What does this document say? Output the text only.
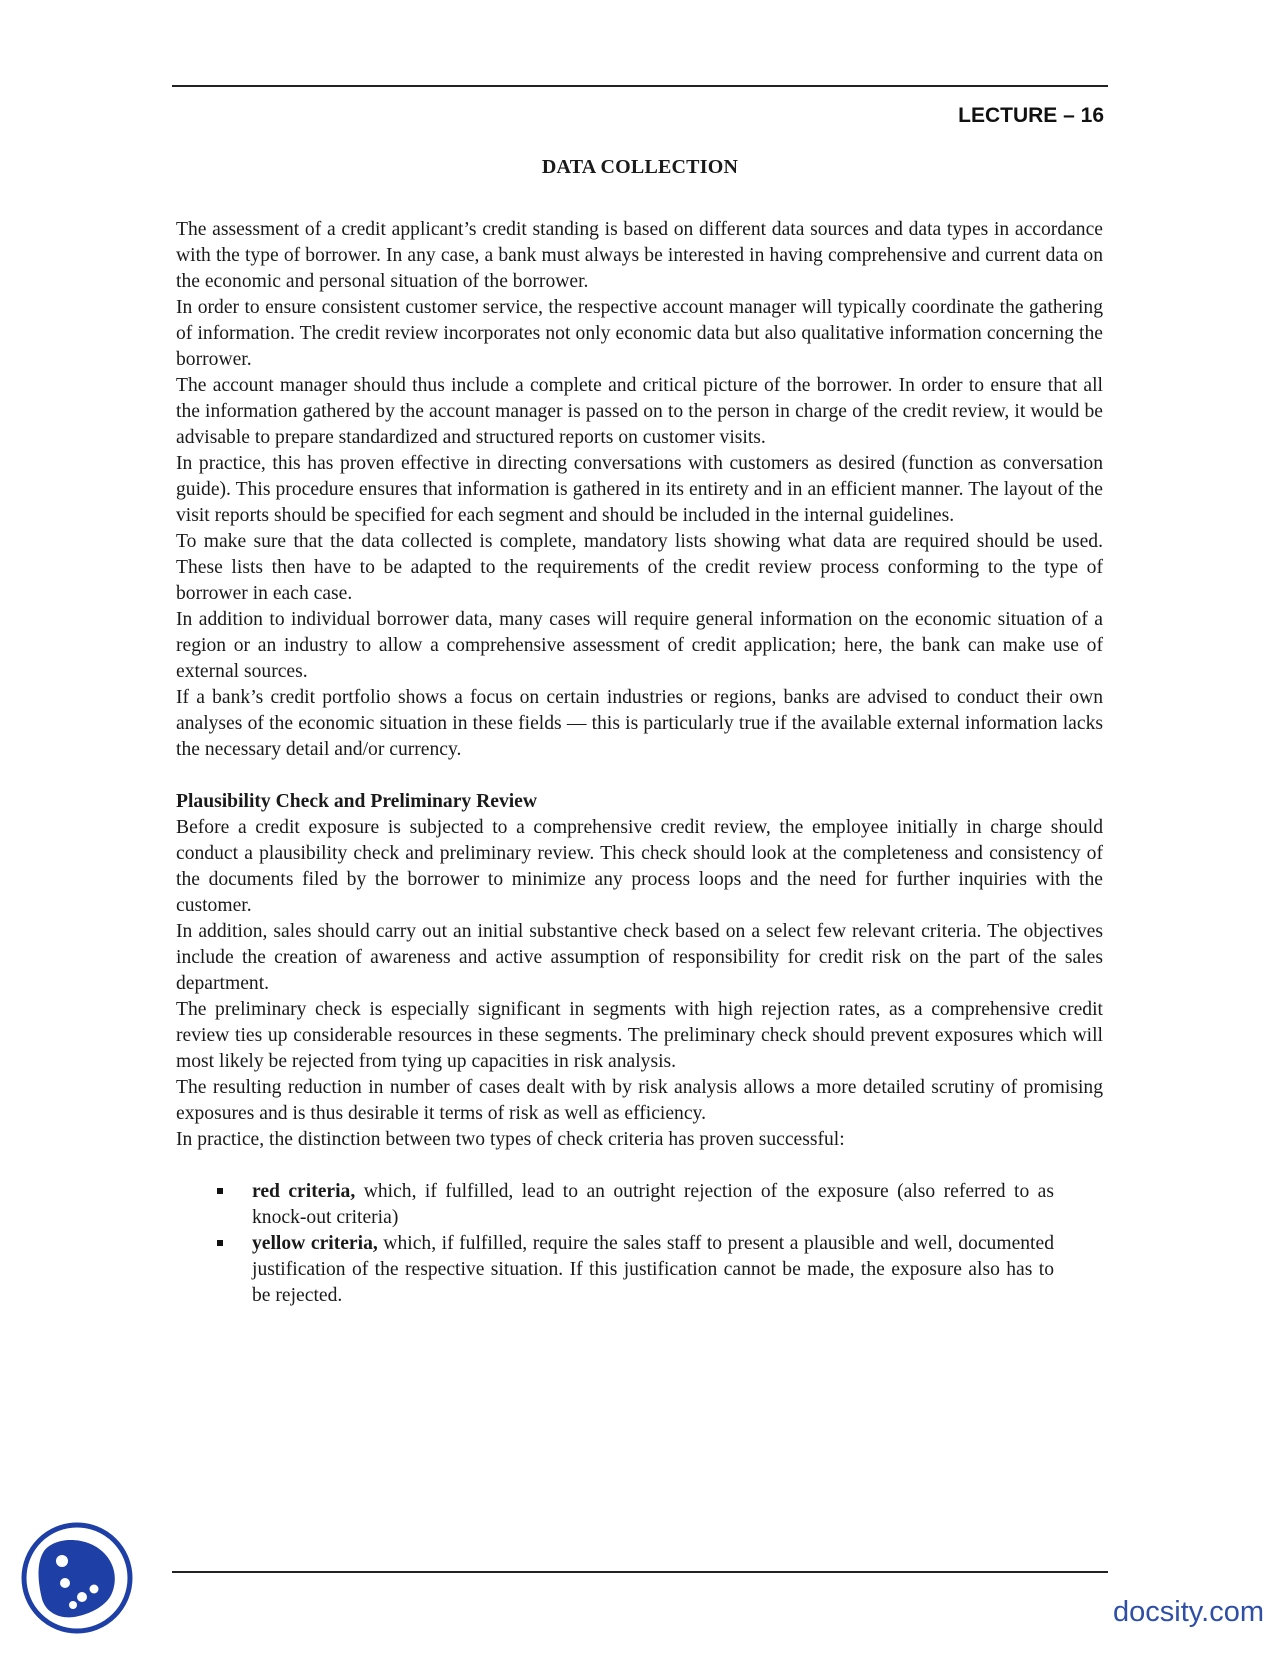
LECTURE – 16
DATA COLLECTION

The assessment of a credit applicant’s credit standing is based on different data sources and data types in accordance with the type of borrower. In any case, a bank must always be interested in having comprehensive and current data on the economic and personal situation of the borrower.

In order to ensure consistent customer service, the respective account manager will typically coordinate the gathering of information. The credit review incorporates not only economic data but also qualitative information concerning the borrower.

The account manager should thus include a complete and critical picture of the borrower. In order to ensure that all the information gathered by the account manager is passed on to the person in charge of the credit review, it would be advisable to prepare standardized and structured reports on customer visits.

In practice, this has proven effective in directing conversations with customers as desired (function as conversation guide). This procedure ensures that information is gathered in its entirety and in an efficient manner. The layout of the visit reports should be specified for each segment and should be included in the internal guidelines.

To make sure that the data collected is complete, mandatory lists showing what data are required should be used. These lists then have to be adapted to the requirements of the credit review process conforming to the type of borrower in each case.

In addition to individual borrower data, many cases will require general information on the economic situation of a region or an industry to allow a comprehensive assessment of credit application; here, the bank can make use of external sources.

If a bank’s credit portfolio shows a focus on certain industries or regions, banks are advised to conduct their own analyses of the economic situation in these fields — this is particularly true if the available external information lacks the necessary detail and/or currency.

Plausibility Check and Preliminary Review

Before a credit exposure is subjected to a comprehensive credit review, the employee initially in charge should conduct a plausibility check and preliminary review. This check should look at the completeness and consistency of the documents filed by the borrower to minimize any process loops and the need for further inquiries with the customer.

In addition, sales should carry out an initial substantive check based on a select few relevant criteria. The objectives include the creation of awareness and active assumption of responsibility for credit risk on the part of the sales department.

The preliminary check is especially significant in segments with high rejection rates, as a comprehensive credit review ties up considerable resources in these segments. The preliminary check should prevent exposures which will most likely be rejected from tying up capacities in risk analysis.

The resulting reduction in number of cases dealt with by risk analysis allows a more detailed scrutiny of promising exposures and is thus desirable it terms of risk as well as efficiency.

In practice, the distinction between two types of check criteria has proven successful:

red criteria, which, if fulfilled, lead to an outright rejection of the exposure (also referred to as knock-out criteria)
yellow criteria, which, if fulfilled, require the sales staff to present a plausible and well, documented justification of the respective situation. If this justification cannot be made, the exposure also has to be rejected.
docsity.com
